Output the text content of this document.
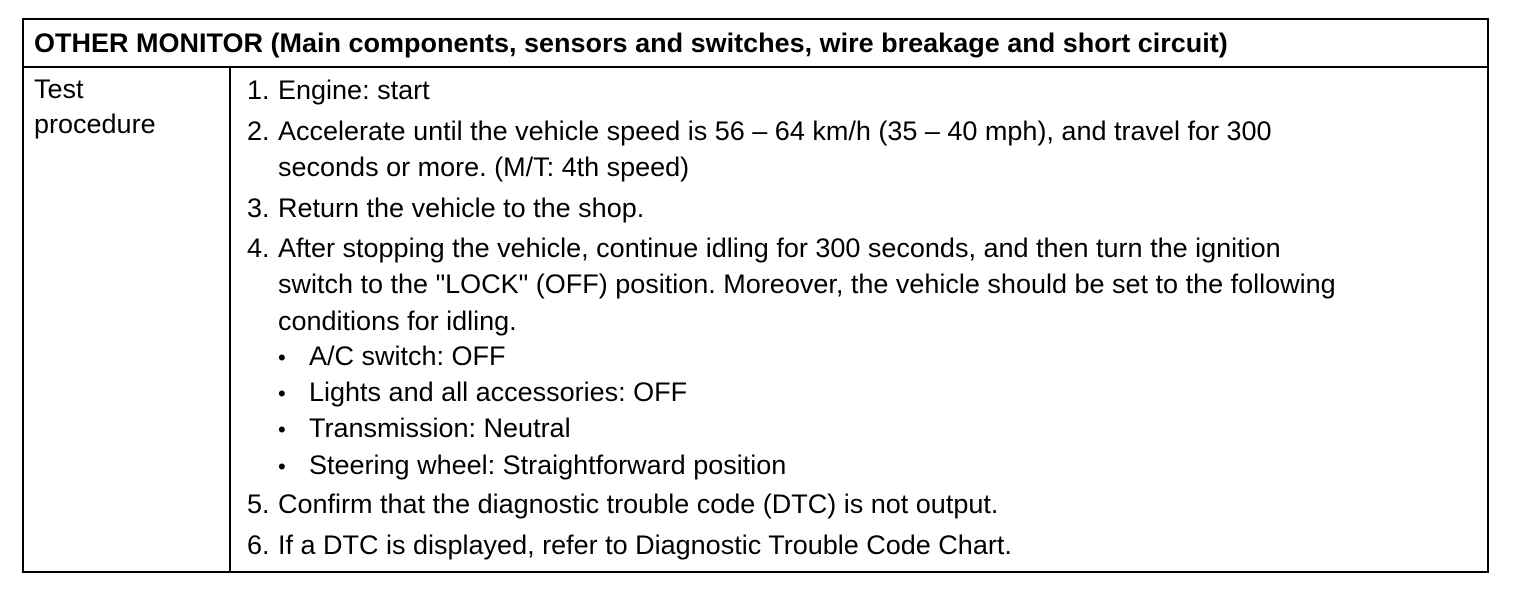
OTHER MONITOR (Main components, sensors and switches, wire breakage and short circuit)
Test
procedure
1. Engine: start
2. Accelerate until the vehicle speed is 56 – 64 km/h (35 – 40 mph), and travel for 300
seconds or more. (M/T: 4th speed)
3. Return the vehicle to the shop.
4. After stopping the vehicle, continue idling for 300 seconds, and then turn the ignition
switch to the "LOCK" (OFF) position. Moreover, the vehicle should be set to the following
conditions for idling.
• A/C switch: OFF
• Lights and all accessories: OFF
• Transmission: Neutral
• Steering wheel: Straightforward position
5. Confirm that the diagnostic trouble code (DTC) is not output.
6. If a DTC is displayed, refer to Diagnostic Trouble Code Chart.
